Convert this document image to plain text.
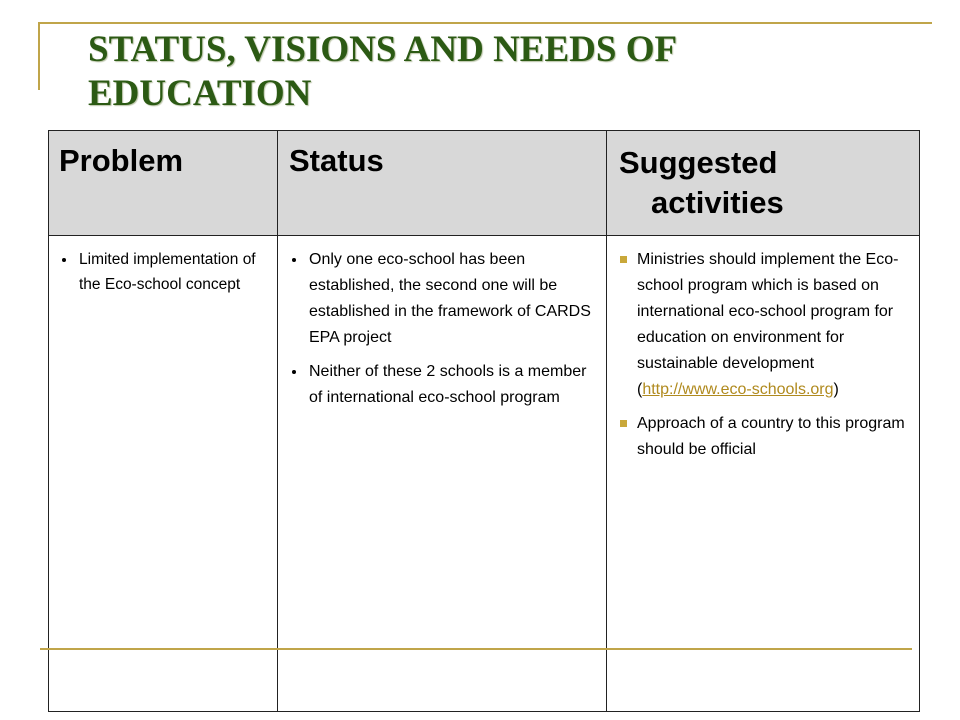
STATUS, VISIONS AND NEEDS OF EDUCATION
Problem	Status	Suggested
activities
Limited implementation of the Eco-school concept
Only one eco-school has been established, the second one will be established in the framework of CARDS EPA project
Neither of these 2 schools is a member of international eco-school program
Ministries should implement the Eco-school program which is based on international eco-school program for education on environment for sustainable development (http://www.eco-schools.org)
Approach of a country to this program should be official
